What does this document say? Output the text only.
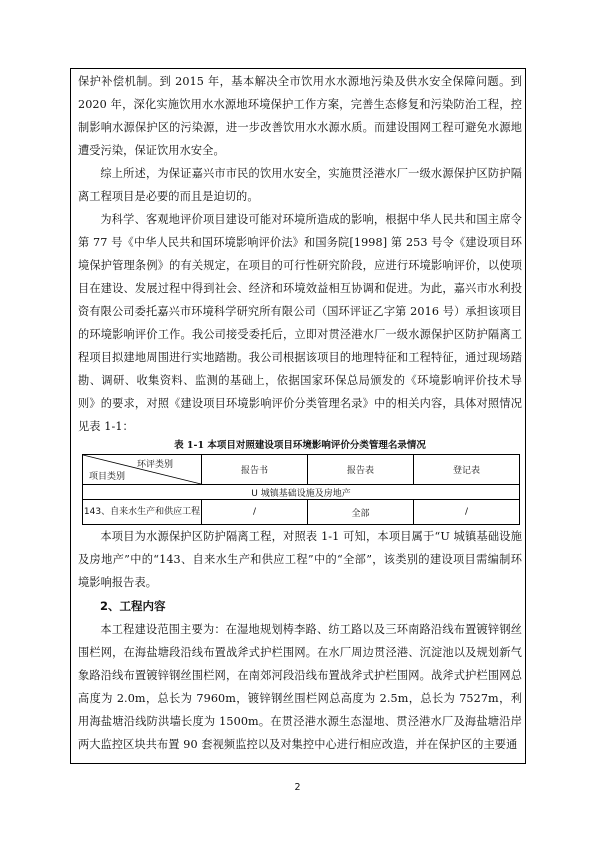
保护补偿机制。到 2015 年，基本解决全市饮用水水源地污染及供水安全保障问题。到 2020 年，深化实施饮用水水源地环境保护工作方案，完善生态修复和污染防治工程，控制影响水源保护区的污染源，进一步改善饮用水水源水质。而建设围网工程可避免水源地遭受污染，保证饮用水安全。

综上所述，为保证嘉兴市市民的饮用水安全，实施贯泾港水厂一级水源保护区防护隔离工程项目是必要的而且是迫切的。

为科学、客观地评价项目建设可能对环境所造成的影响，根据中华人民共和国主席令第 77 号《中华人民共和国环境影响评价法》和国务院[1998] 第 253 号令《建设项目环境保护管理条例》的有关规定，在项目的可行性研究阶段，应进行环境影响评价，以使项目在建设、发展过程中得到社会、经济和环境效益相互协调和促进。为此，嘉兴市水利投资有限公司委托嘉兴市环境科学研究所有限公司（国环评证乙字第 2016 号）承担该项目的环境影响评价工作。我公司接受委托后，立即对贯泾港水厂一级水源保护区防护隔离工程项目拟建地周围进行实地踏勘。我公司根据该项目的地理特征和工程特征，通过现场踏勘、调研、收集资料、监测的基础上，依据国家环保总局颁发的《环境影响评价技术导则》的要求，对照《建设项目环境影响评价分类管理名录》中的相关内容，具体对照情况见表 1-1：

表 1-1 本项目对照建设项目环境影响评价分类管理名录情况

环评类别
项目类别	报告书	报告表	登记表
U 城镇基础设施及房地产			
143、自来水生产和供应工程	/	全部	/

本项目为水源保护区防护隔离工程，对照表 1-1 可知，本项目属于“U 城镇基础设施及房地产”中的“143、自来水生产和供应工程”中的“全部”，该类别的建设项目需编制环境影响报告表。

2、工程内容

本工程建设范围主要为：在湿地规划梼李路、纺工路以及三环南路沿线布置镀锌钢丝围栏网，在海盐塘段沿线布置战斧式护栏围网。在水厂周边贯泾港、沉淀池以及规划新气象路沿线布置镀锌钢丝围栏网，在南郊河段沿线布置战斧式护栏围网。战斧式护栏围网总高度为 2.0m，总长为 7960m，镀锌钢丝围栏网总高度为 2.5m，总长为 7527m，利用海盐塘沿线防洪墙长度为 1500m。在贯泾港水源生态湿地、贯泾港水厂及海盐塘沿岸两大监控区块共布置 90 套视频监控以及对集控中心进行相应改造，并在保护区的主要通

2
